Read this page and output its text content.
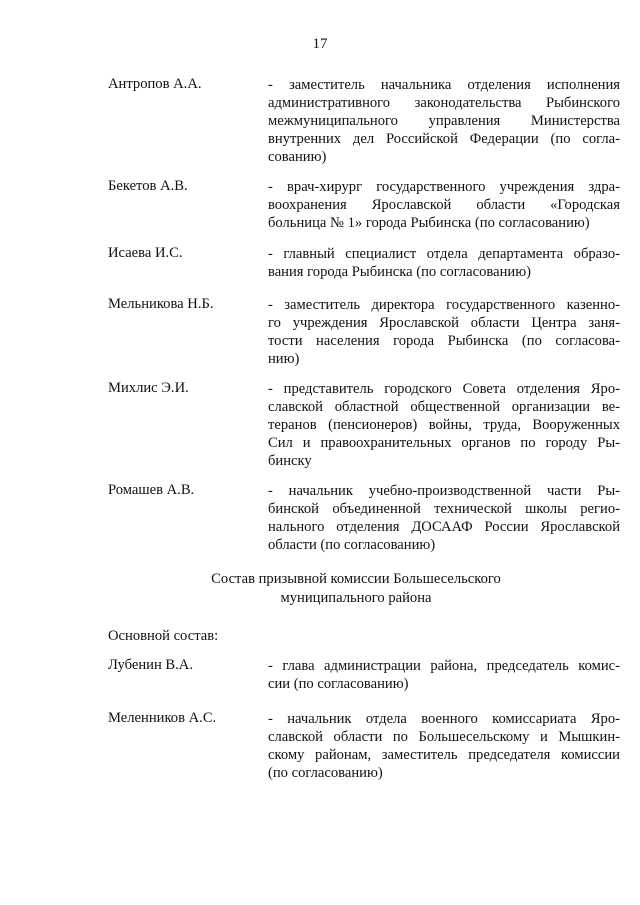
17
Антропов А.А.	- заместитель начальника отделения исполнения
административного законодательства Рыбинского
межмуниципального управления Министерства
внутренних дел Российской Федерации (по согла-
сованию)
Бекетов А.В.	- врач-хирург государственного учреждения здра-
воохранения Ярославской области «Городская
больница № 1» города Рыбинска (по согласованию)
Исаева И.С.	- главный специалист отдела департамента образо-
вания города Рыбинска (по согласованию)
Мельникова Н.Б.	- заместитель директора государственного казенно-
го учреждения Ярославской области Центра заня-
тости населения города Рыбинска (по согласова-
нию)
Михлис Э.И.	- представитель городского Совета отделения Яро-
славской областной общественной организации ве-
теранов (пенсионеров) войны, труда, Вооруженных
Сил и правоохранительных органов по городу Ры-
бинску
Ромашев А.В.	- начальник учебно-производственной части Ры-
бинской объединенной технической школы регио-
нального отделения ДОСААФ России Ярославской
области (по согласованию)
Состав призывной комиссии Большесельского
муниципального района
Основной состав:
Лубенин В.А.	- глава администрации района, председатель комис-
сии (по согласованию)
Меленников А.С.	- начальник отдела военного комиссариата Яро-
славской области по Большесельскому и Мышкин-
скому районам, заместитель председателя комиссии
(по согласованию)
